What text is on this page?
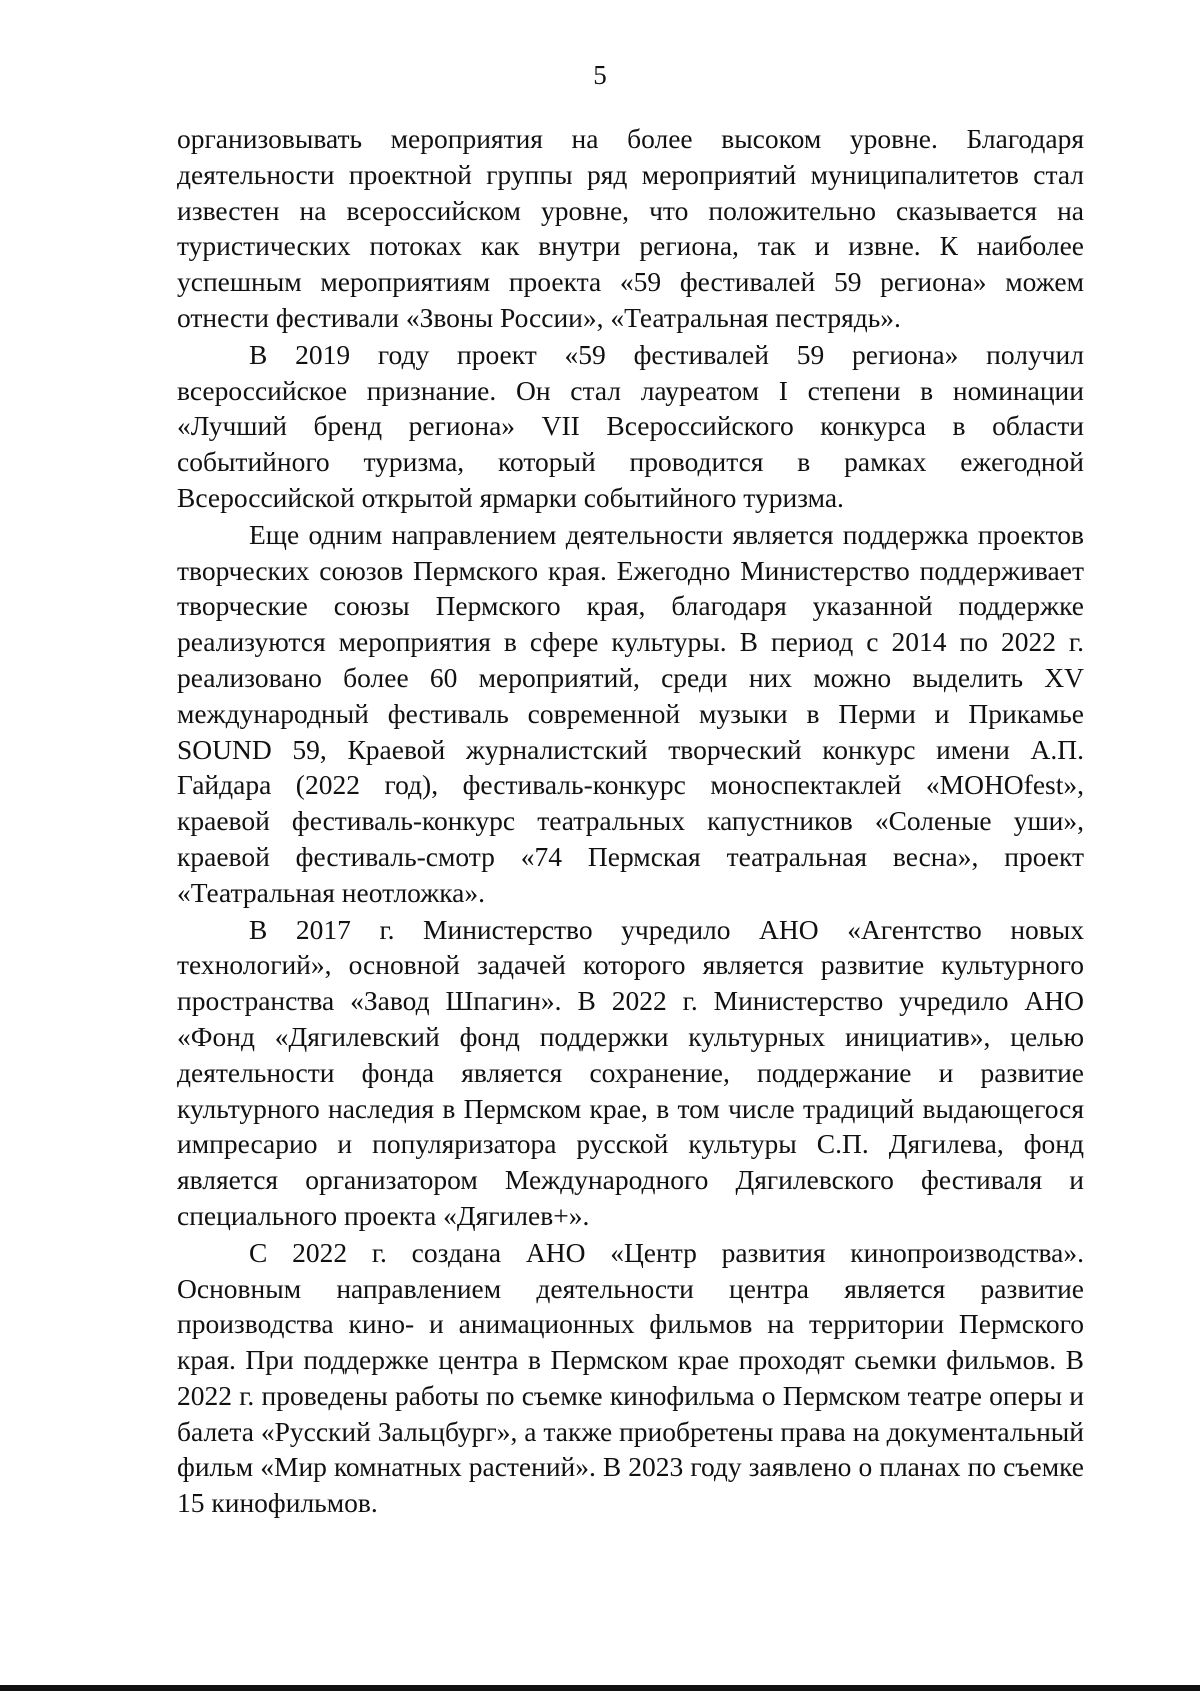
5

организовывать мероприятия на более высоком уровне. Благодаря деятельности проектной группы ряд мероприятий муниципалитетов стал известен на всероссийском уровне, что положительно сказывается на туристических потоках как внутри региона, так и извне. К наиболее успешным мероприятиям проекта «59 фестивалей 59 региона» можем отнести фестивали «Звоны России», «Театральная пестрядь».

В 2019 году проект «59 фестивалей 59 региона» получил всероссийское признание. Он стал лауреатом I степени в номинации «Лучший бренд региона» VII Всероссийского конкурса в области событийного туризма, который проводится в рамках ежегодной Всероссийской открытой ярмарки событийного туризма.

Еще одним направлением деятельности является поддержка проектов творческих союзов Пермского края. Ежегодно Министерство поддерживает творческие союзы Пермского края, благодаря указанной поддержке реализуются мероприятия в сфере культуры. В период с 2014 по 2022 г. реализовано более 60 мероприятий, среди них можно выделить XV международный фестиваль современной музыки в Перми и Прикамье SOUND 59, Краевой журналистский творческий конкурс имени А.П. Гайдара (2022 год), фестиваль-конкурс моноспектаклей «МОНОfest», краевой фестиваль-конкурс театральных капустников «Соленые уши», краевой фестиваль-смотр «74 Пермская театральная весна», проект «Театральная неотложка».

В 2017 г. Министерство учредило АНО «Агентство новых технологий», основной задачей которого является развитие культурного пространства «Завод Шпагин». В 2022 г. Министерство учредило АНО «Фонд «Дягилевский фонд поддержки культурных инициатив», целью деятельности фонда является сохранение, поддержание и развитие культурного наследия в Пермском крае, в том числе традиций выдающегося импресарио и популяризатора русской культуры С.П. Дягилева, фонд является организатором Международного Дягилевского фестиваля и специального проекта «Дягилев+».

С 2022 г. создана АНО «Центр развития кинопроизводства». Основным направлением деятельности центра является развитие производства кино- и анимационных фильмов на территории Пермского края. При поддержке центра в Пермском крае проходят сьемки фильмов. В 2022 г. проведены работы по съемке кинофильма о Пермском театре оперы и балета «Русский Зальцбург», а также приобретены права на документальный фильм «Мир комнатных растений». В 2023 году заявлено о планах по съемке 15 кинофильмов.
